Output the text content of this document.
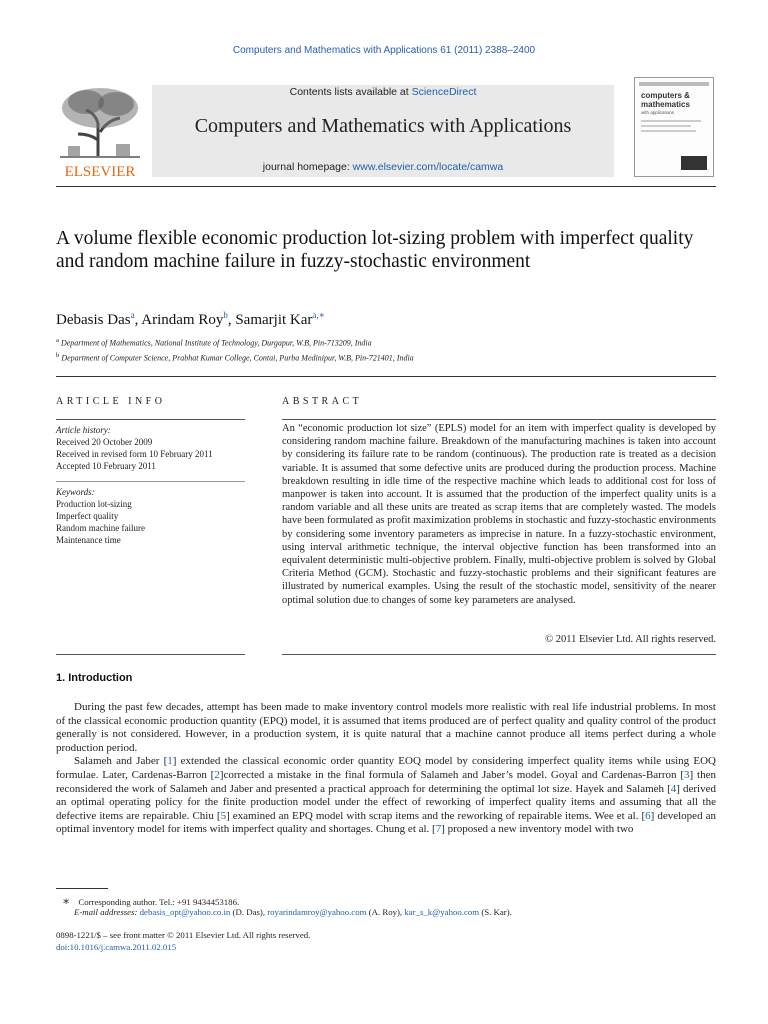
Computers and Mathematics with Applications 61 (2011) 2388–2400
ELSEVIER
Contents lists available at ScienceDirect
Computers and Mathematics with Applications
journal homepage: www.elsevier.com/locate/camwa
computers &
mathematics
with applications
A volume flexible economic production lot-sizing problem with imperfect quality and random machine failure in fuzzy-stochastic environment
Debasis Das$^a$, Arindam Roy$^b$, Samarjit Kar$^{a,∗}$
$^a$ Department of Mathematics, National Institute of Technology, Durgapur, W.B, Pin-713209, India
$^b$ Department of Computer Science, Prabhat Kumar College, Contai, Purba Medinipur, W.B, Pin-721401, India
ARTICLE INFO
Article history:
Received 20 October 2009
Received in revised form 10 February 2011
Accepted 10 February 2011
Keywords:
Production lot-sizing
Imperfect quality
Random machine failure
Maintenance time
ABSTRACT
An “economic production lot size” (EPLS) model for an item with imperfect quality is developed by considering random machine failure. Breakdown of the manufacturing machines is taken into account by considering its failure rate to be random (continuous). The production rate is treated as a decision variable. It is assumed that some defective units are produced during the production process. Machine breakdown resulting in idle time of the respective machine which leads to additional cost for loss of manpower is taken into account. It is assumed that the production of the imperfect quality units is a random variable and all these units are treated as scrap items that are completely wasted. The models have been formulated as profit maximization problems in stochastic and fuzzy-stochastic environments by considering some inventory parameters as imprecise in nature. In a fuzzy-stochastic environment, using interval arithmetic technique, the interval objective function has been transformed into an equivalent deterministic multi-objective problem. Finally, multi-objective problem is solved by Global Criteria Method (GCM). Stochastic and fuzzy-stochastic problems and their significant features are illustrated by numerical examples. Using the result of the stochastic model, sensitivity of the nearer optimal solution due to changes of some key parameters are analysed.
© 2011 Elsevier Ltd. All rights reserved.
1. Introduction

During the past few decades, attempt has been made to make inventory control models more realistic with real life industrial problems. In most of the classical economic production quantity (EPQ) model, it is assumed that items produced are of perfect quality and quality control of the product generally is not considered. However, in a production system, it is quite natural that a machine cannot produce all items perfect during a whole production period.

Salameh and Jaber [1] extended the classical economic order quantity EOQ model by considering imperfect quality items while using EOQ formulae. Later, Cardenas-Barron [2]corrected a mistake in the final formula of Salameh and Jaber’s model. Goyal and Cardenas-Barron [3] then reconsidered the work of Salameh and Jaber and presented a practical approach for determining the optimal lot size. Hayek and Salameh [4] derived an optimal operating policy for the finite production model under the effect of reworking of imperfect quality items and assuming that all the defective items are repairable. Chiu [5] examined an EPQ model with scrap items and the reworking of repairable items. Wee et al. [6] developed an optimal inventory model for items with imperfect quality and shortages. Chung et al. [7] proposed a new inventory model with two

∗ Corresponding author. Tel.: +91 9434453186.
E-mail addresses: debasis_opt@yahoo.co.in (D. Das), royarindamroy@yahoo.com (A. Roy), kar_s_k@yahoo.com (S. Kar).
0898-1221/$ – see front matter © 2011 Elsevier Ltd. All rights reserved.
doi:10.1016/j.camwa.2011.02.015
